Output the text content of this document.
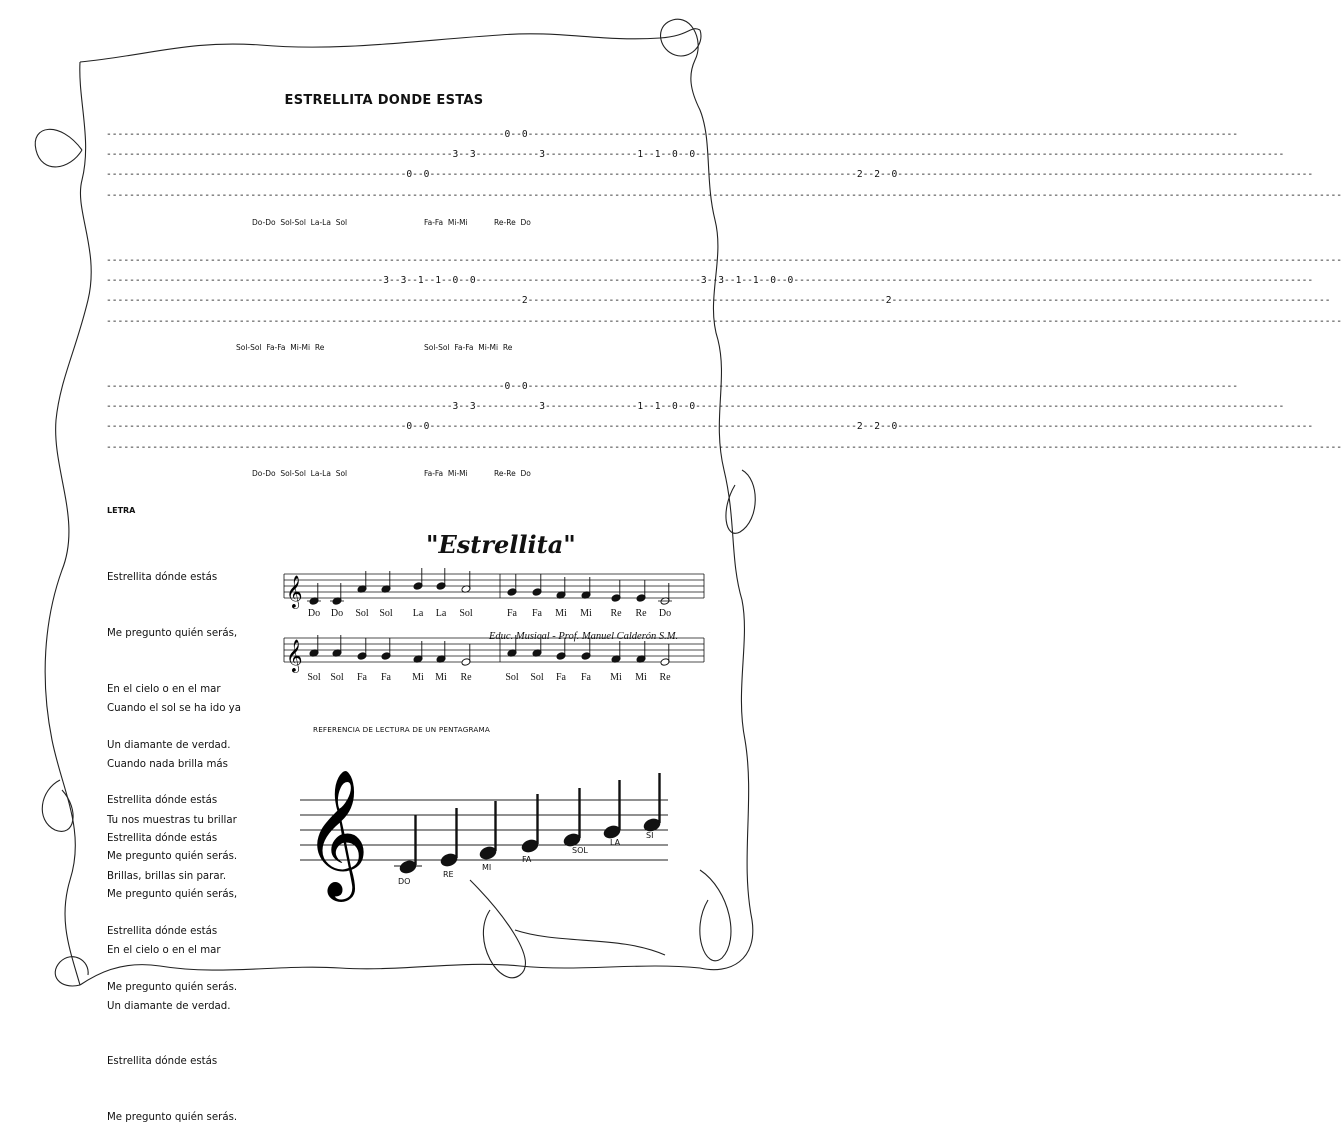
ESTRELLITA DONDE ESTAS
---------------------------------------------------------------------0--0---------------------------------------------------------------------------------------------------------------------------
------------------------------------------------------------3--3-----------3----------------1--1--0--0------------------------------------------------------------------------------------------------------
----------------------------------------------------0--0--------------------------------------------------------------------------2--2--0------------------------------------------------------------------------
----------------------------------------------------------------------------------------------------------------------------------------------------------------------------------------------------------------------
Do-Do  Sol-Sol  La-La  Sol	Fa-Fa  Mi-Mi	Re-Re  Do
----------------------------------------------------------------------------------------------------------------------------------------------------------------------------------------------------------------------
------------------------------------------------3--3--1--1--0--0---------------------------------------3--3--1--1--0--0------------------------------------------------------------------------------------------
------------------------------------------------------------------------2--------------------------------------------------------------2----------------------------------------------------------------------------
----------------------------------------------------------------------------------------------------------------------------------------------------------------------------------------------------------------------
Sol-Sol  Fa-Fa  Mi-Mi  Re	Sol-Sol  Fa-Fa  Mi-Mi  Re
---------------------------------------------------------------------0--0---------------------------------------------------------------------------------------------------------------------------
------------------------------------------------------------3--3-----------3----------------1--1--0--0------------------------------------------------------------------------------------------------------
----------------------------------------------------0--0--------------------------------------------------------------------------2--2--0------------------------------------------------------------------------
----------------------------------------------------------------------------------------------------------------------------------------------------------------------------------------------------------------------
Do-Do  Sol-Sol  La-La  Sol	Fa-Fa  Mi-Mi	Re-Re  Do
LETRA

Estrellita dónde estás

Me pregunto quién serás,

En el cielo o en el mar

Un diamante de verdad.

Estrellita dónde estás

Me pregunto quién serás.

Cuando el sol se ha ido ya

Cuando nada brilla más

Tu nos muestras tu brillar

Brillas, brillas sin parar.

Estrellita dónde estás

Me pregunto quién serás.

Estrellita dónde estás

Me pregunto quién serás,

En el cielo o en el mar

Un diamante de verdad.

Estrellita dónde estás

Me pregunto quién serás.

"Estrellita"
𝄞
𝄞
Do	Do	Sol	Sol	La	La	Sol	Fa	Fa	Mi	Mi	Re	Re	Do
Sol Sol	Fa	Fa	Mi	Mi	Re	Sol	Sol	Fa	Fa	Mi	Mi	Re
Educ. Musical - Prof. Manuel Calderón S.M.
REFERENCIA DE LECTURA DE UN PENTAGRAMA
𝄞	DO
RE
MI
FA
SOL
LA
SI
